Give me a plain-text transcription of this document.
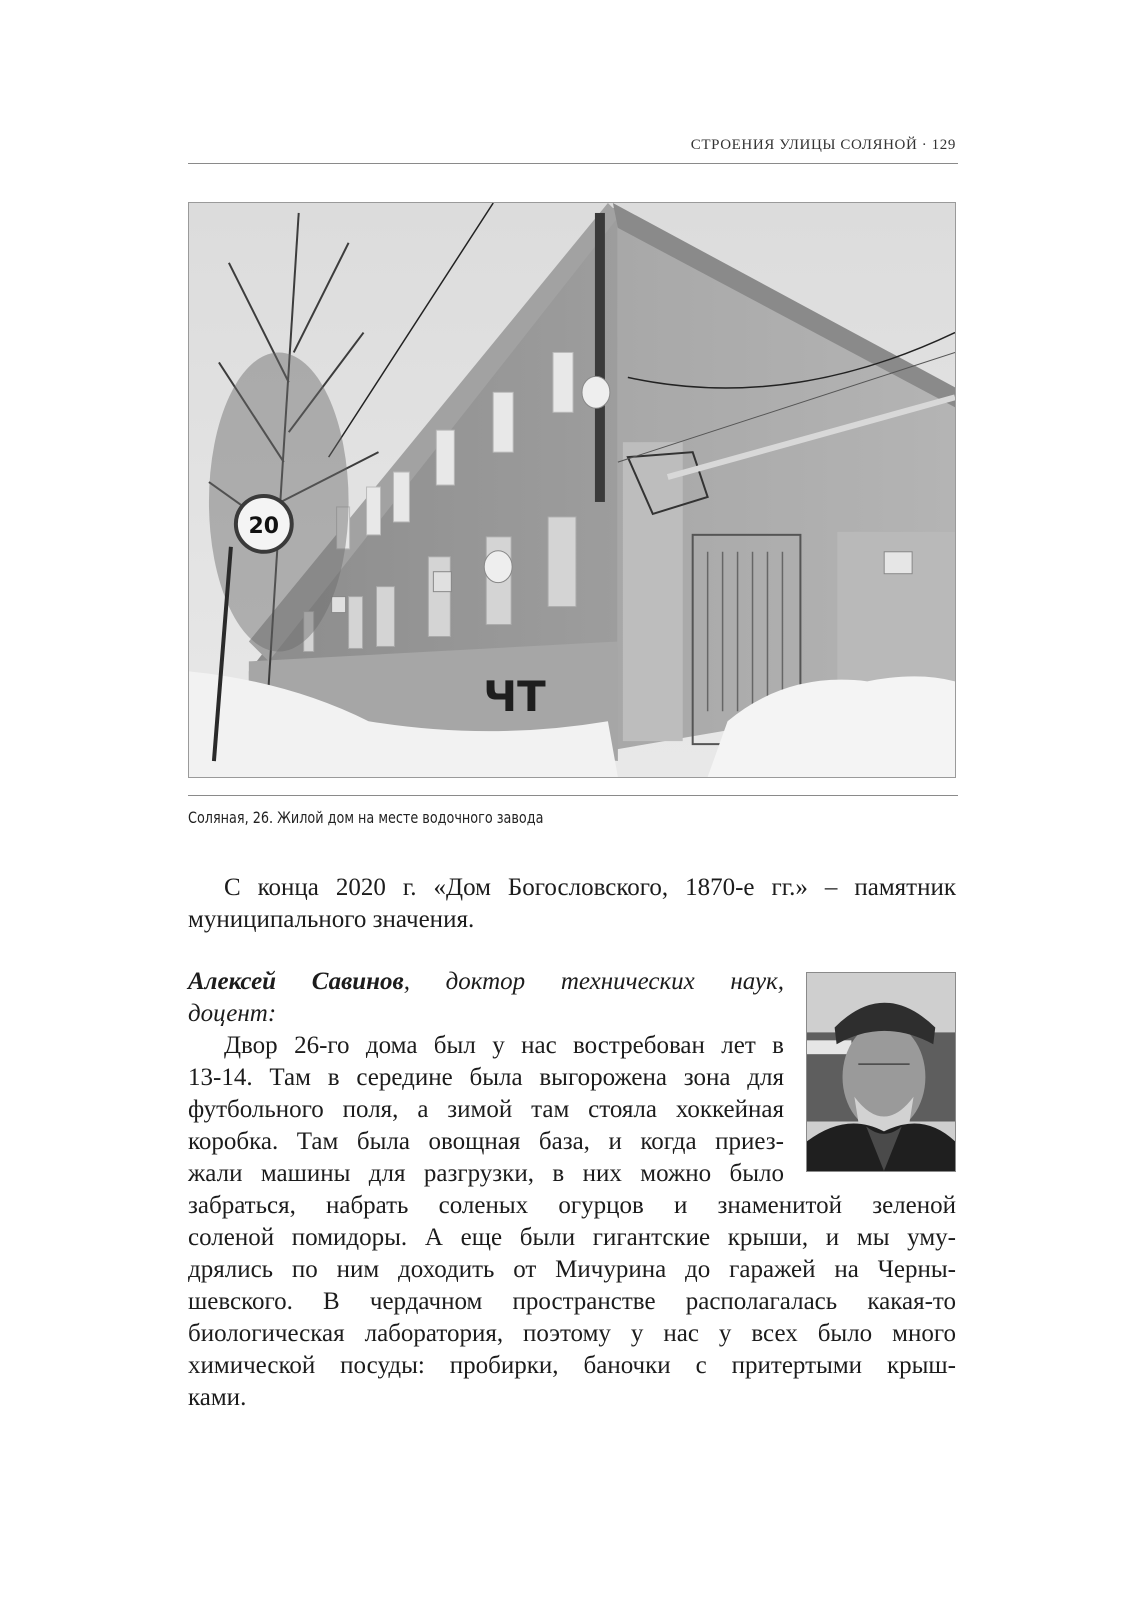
СТРОЕНИЯ УЛИЦЫ СОЛЯНОЙ · 129
ЧТ
20
Соляная, 26. Жилой дом на месте водочного завода
С конца 2020 г. «Дом Богословского, 1870-е гг.» – памятник муниципального значения.
Алексей Савинов, доктор технических наук,
доцент:
Двор 26-го дома был у нас востребован лет в
13-14. Там в середине была выгорожена зона для
футбольного поля, а зимой там стояла хоккейная
коробка. Там была овощная база, и когда приез-
жали машины для разгрузки, в них можно было
забраться, набрать соленых огурцов и знаменитой зеленой
соленой помидоры. А еще были гигантские крыши, и мы уму-
дрялись по ним доходить от Мичурина до гаражей на Черны-
шевского. В чердачном пространстве располагалась какая-то
биологическая лаборатория, поэтому у нас у всех было много
химической посуды: пробирки, баночки с притертыми крыш-
ками.
